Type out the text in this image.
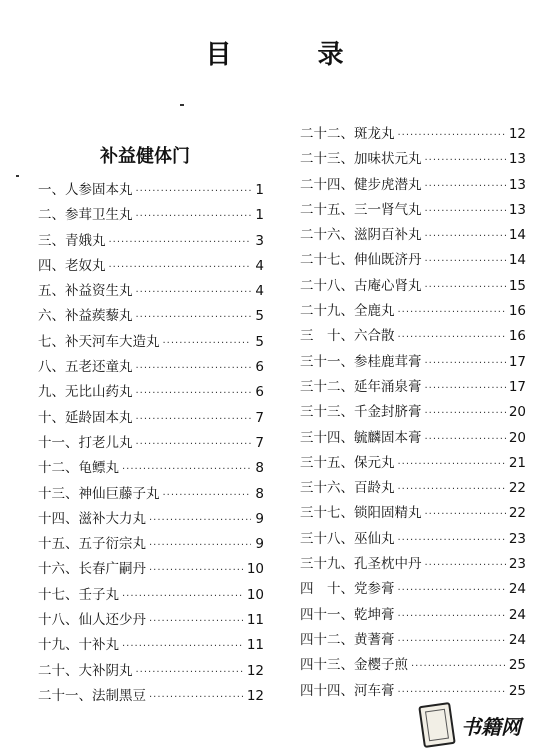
目　录
补益健体门
一、 人参固本丸 ·····	1
二、 参茸卫生丸 ·····	1
三、 青娥丸 ·····	3
四、 老奴丸 ·····	4
五、 补益资生丸 ·····	4
六、 补益蒺藜丸 ·····	5
七、 补天河车大造丸 ·····	5
八、 五老还童丸 ·····	6
九、 无比山药丸 ·····	6
十、 延龄固本丸 ·····	7
十一、 打老儿丸 ·····	7
十二、 龟鳔丸 ·····	8
十三、 神仙巨藤子丸 ·····	8
十四、 滋补大力丸 ·····	9
十五、 五子衍宗丸 ·····	9
十六、 长春广嗣丹 ·····	10
十七、 壬子丸 ·····	10
十八、 仙人还少丹 ·····	11
十九、 十补丸 ·····	11
二十、 大补阴丸 ·····	12
二十一、 法制黑豆 ·····	12
二十二、 斑龙丸 ·····	12
二十三、 加味状元丸 ·····	13
二十四、 健步虎潜丸 ·····	13
二十五、 三一肾气丸 ·····	13
二十六、 滋阴百补丸 ·····	14
二十七、 伸仙既济丹 ·····	14
二十八、 古庵心肾丸 ·····	15
二十九、 全鹿丸 ·····	16
三　十、 六合散 ·····	16
三十一、 参桂鹿茸膏 ·····	17
三十二、 延年涌泉膏 ·····	17
三十三、 千金封脐膏 ·····	20
三十四、 毓麟固本膏 ·····	20
三十五、 保元丸 ·····	21
三十六、 百龄丸 ·····	22
三十七、 锁阳固精丸 ·····	22
三十八、 巫仙丸 ·····	23
三十九、 孔圣枕中丹 ·····	23
四　十、 党参膏 ·····	24
四十一、 乾坤膏 ·····	24
四十二、 黄蓍膏 ·····	24
四十三、 金樱子煎 ·····	25
四十四、 河车膏 ·····	25
书籍网
